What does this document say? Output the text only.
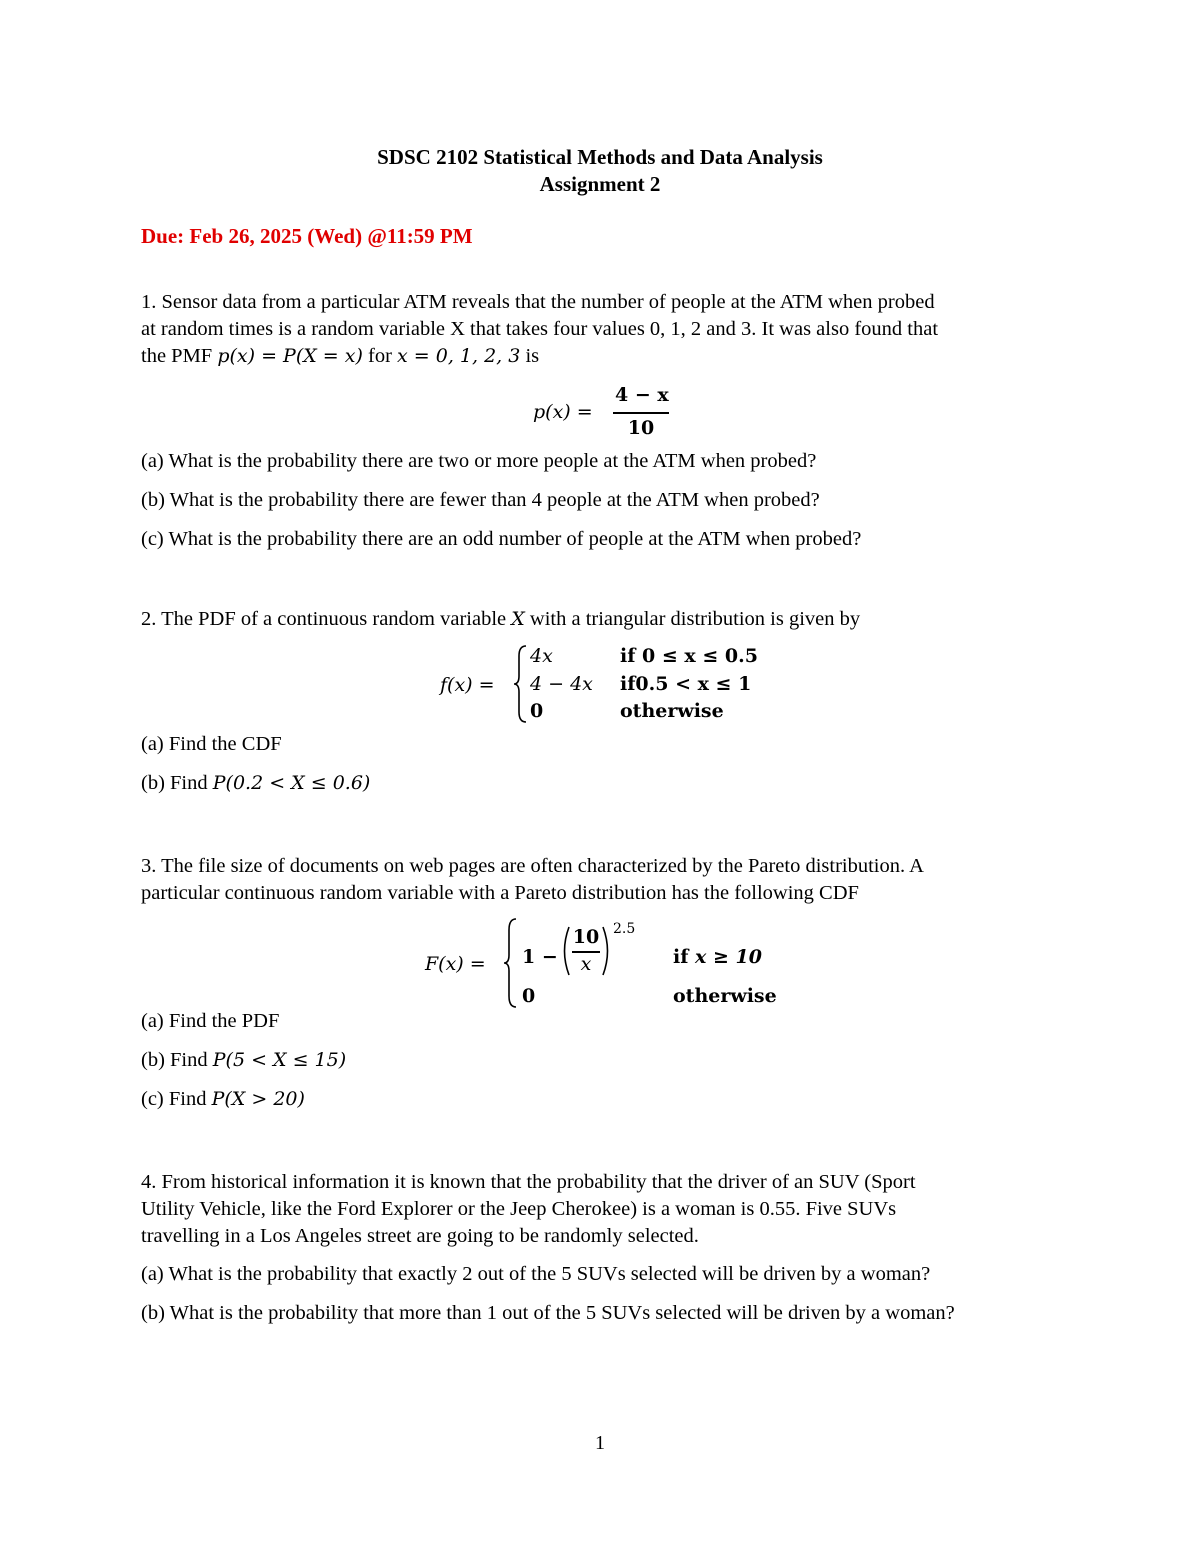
SDSC 2102 Statistical Methods and Data Analysis
Assignment 2
Due: Feb 26, 2025 (Wed) @11:59 PM
1. Sensor data from a particular ATM reveals that the number of people at the ATM when probed
at random times is a random variable X that takes four values 0, 1, 2 and 3. It was also found that
the PMF p(x) = P(X = x) for x = 0, 1, 2, 3 is
p(x) =
4 − x
10
(a) What is the probability there are two or more people at the ATM when probed?
(b) What is the probability there are fewer than 4 people at the ATM when probed?
(c) What is the probability there are an odd number of people at the ATM when probed?
2. The PDF of a continuous random variable X with a triangular distribution is given by
f(x) =
4x	if 0 ≤ x ≤ 0.5
4 − 4x if0.5 < x ≤ 1
0	otherwise
(a) Find the CDF
(b) Find P(0.2 < X ≤ 0.6)
3. The file size of documents on web pages are often characterized by the Pareto distribution. A
particular continuous random variable with a Pareto distribution has the following CDF
F(x) = 1 −
10
x
2.5
if x ≥ 10
0	otherwise
(a) Find the PDF
(b) Find P(5 < X ≤ 15)
(c) Find P(X > 20)
4. From historical information it is known that the probability that the driver of an SUV (Sport
Utility Vehicle, like the Ford Explorer or the Jeep Cherokee) is a woman is 0.55. Five SUVs
travelling in a Los Angeles street are going to be randomly selected.
(a) What is the probability that exactly 2 out of the 5 SUVs selected will be driven by a woman?
(b) What is the probability that more than 1 out of the 5 SUVs selected will be driven by a woman?
1
